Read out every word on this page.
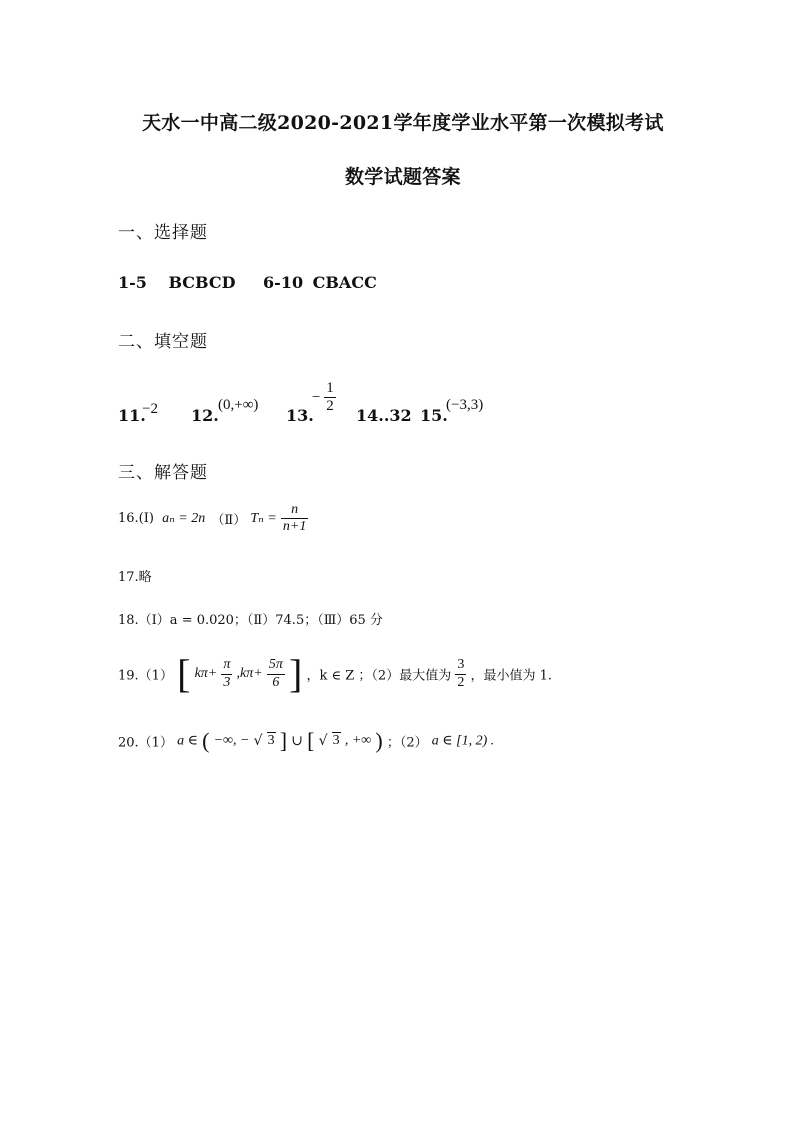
天水一中高二级2020-2021学年度学业水平第一次模拟考试
数学试题答案
一、选择题
1-5 BCBCD 6-10 CBACC
二、填空题
11.
−2 12.
(0,+∞)
13.
− $\frac{1}{2} 14..32$ 15.
(−3,3)
三、解答题
16.(Ⅰ) aₙ = 2n （Ⅱ） $T_n = \frac{n}{n+1}$
17.略
18.（Ⅰ）a = 0.020；（Ⅱ）74.5；（Ⅲ）65 分
19.（1） [ $k\pi+ \frac{\pi}{3} ,k\pi+ \frac{5\pi}{6}$ ] ，k ∈ Z ；（2）最大值为 $\frac{3}{2}$ ，最小值为 1.
20.（1） a ∈ ( −∞, − √ 3 ] ∪ [ √ 3 , +∞ ) ；（2） a ∈ [1, 2) .
